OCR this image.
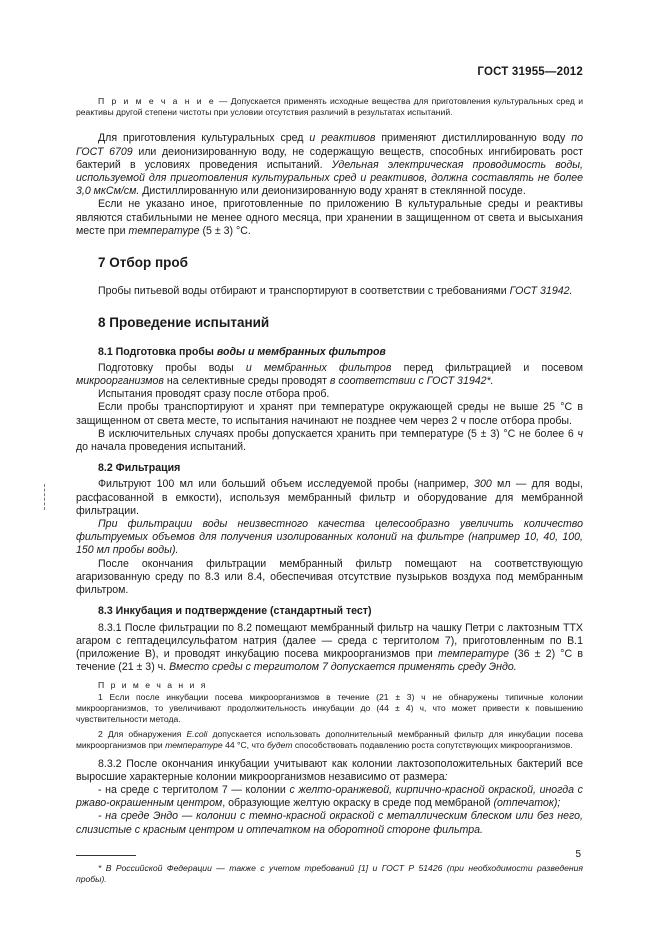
ГОСТ 31955—2012

П р и м е ч а н и е — Допускается применять исходные вещества для приготовления культуральных сред и реактивы другой степени чистоты при условии отсутствия различий в результатах испытаний.

Для приготовления культуральных сред и реактивов применяют дистиллированную воду по ГОСТ 6709 или деионизированную воду, не содержащую веществ, способных ингибировать рост бактерий в условиях проведения испытаний. Удельная электрическая проводимость воды, используемой для приготовления культуральных сред и реактивов, должна составлять не более 3,0 мкСм/см. Дистиллированную или деионизированную воду хранят в стеклянной посуде.

Если не указано иное, приготовленные по приложению В культуральные среды и реактивы являются стабильными не менее одного месяца, при хранении в защищенном от света и высыхания месте при температуре (5 ± 3) °С.

7 Отбор проб

Пробы питьевой воды отбирают и транспортируют в соответствии с требованиями ГОСТ 31942.

8 Проведение испытаний
8.1 Подготовка пробы воды и мембранных фильтров

Подготовку пробы воды и мембранных фильтров перед фильтрацией и посевом микроорганизмов на селективные среды проводят в соответствии с ГОСТ 31942*.

Испытания проводят сразу после отбора проб.

Если пробы транспортируют и хранят при температуре окружающей среды не выше 25 °С в защищенном от света месте, то испытания начинают не позднее чем через 2 ч после отбора пробы.

В исключительных случаях пробы допускается хранить при температуре (5 ± 3) °С не более 6 ч до начала проведения испытаний.

8.2 Фильтрация

Фильтруют 100 мл или больший объем исследуемой пробы (например, 300 мл — для воды, расфасованной в емкости), используя мембранный фильтр и оборудование для мембранной фильтрации.

При фильтрации воды неизвестного качества целесообразно увеличить количество фильтруемых объемов для получения изолированных колоний на фильтре (например 10, 40, 100, 150 мл пробы воды).

После окончания фильтрации мембранный фильтр помещают на соответствующую агаризованную среду по 8.3 или 8.4, обеспечивая отсутствие пузырьков воздуха под мембранным фильтром.

8.3 Инкубация и подтверждение (стандартный тест)

8.3.1 После фильтрации по 8.2 помещают мембранный фильтр на чашку Петри с лактозным ТТХ агаром с гептадецилсульфатом натрия (далее — среда с тергитолом 7), приготовленным по В.1 (приложение В), и проводят инкубацию посева микроорганизмов при температуре (36 ± 2) °С в течение (21 ± 3) ч. Вместо среды с тергитолом 7 допускается применять среду Эндо.

П р и м е ч а н и я

1 Если после инкубации посева микроорганизмов в течение (21 ± 3) ч не обнаружены типичные колонии микроорганизмов, то увеличивают продолжительность инкубации до (44 ± 4) ч, что может привести к повышению чувствительности метода.

2 Для обнаружения E.coli допускается использовать дополнительный мембранный фильтр для инкубации посева микроорганизмов при температуре 44 °С, что будет способствовать подавлению роста сопутствующих микроорганизмов.

8.3.2 После окончания инкубации учитывают как колонии лактозоположительных бактерий все выросшие характерные колонии микроорганизмов независимо от размера:

- на среде с тергитолом 7 — колонии с желто-оранжевой, кирпично-красной окраской, иногда с ржаво-окрашенным центром, образующие желтую окраску в среде под мембраной (отпечаток);

- на среде Эндо — колонии с темно-красной окраской с металлическим блеском или без него, слизистые с красным центром и отпечатком на оборотной стороне фильтра.

* В Российской Федерации — также с учетом требований [1] и ГОСТ Р 51426 (при необходимости разведения пробы).

5
